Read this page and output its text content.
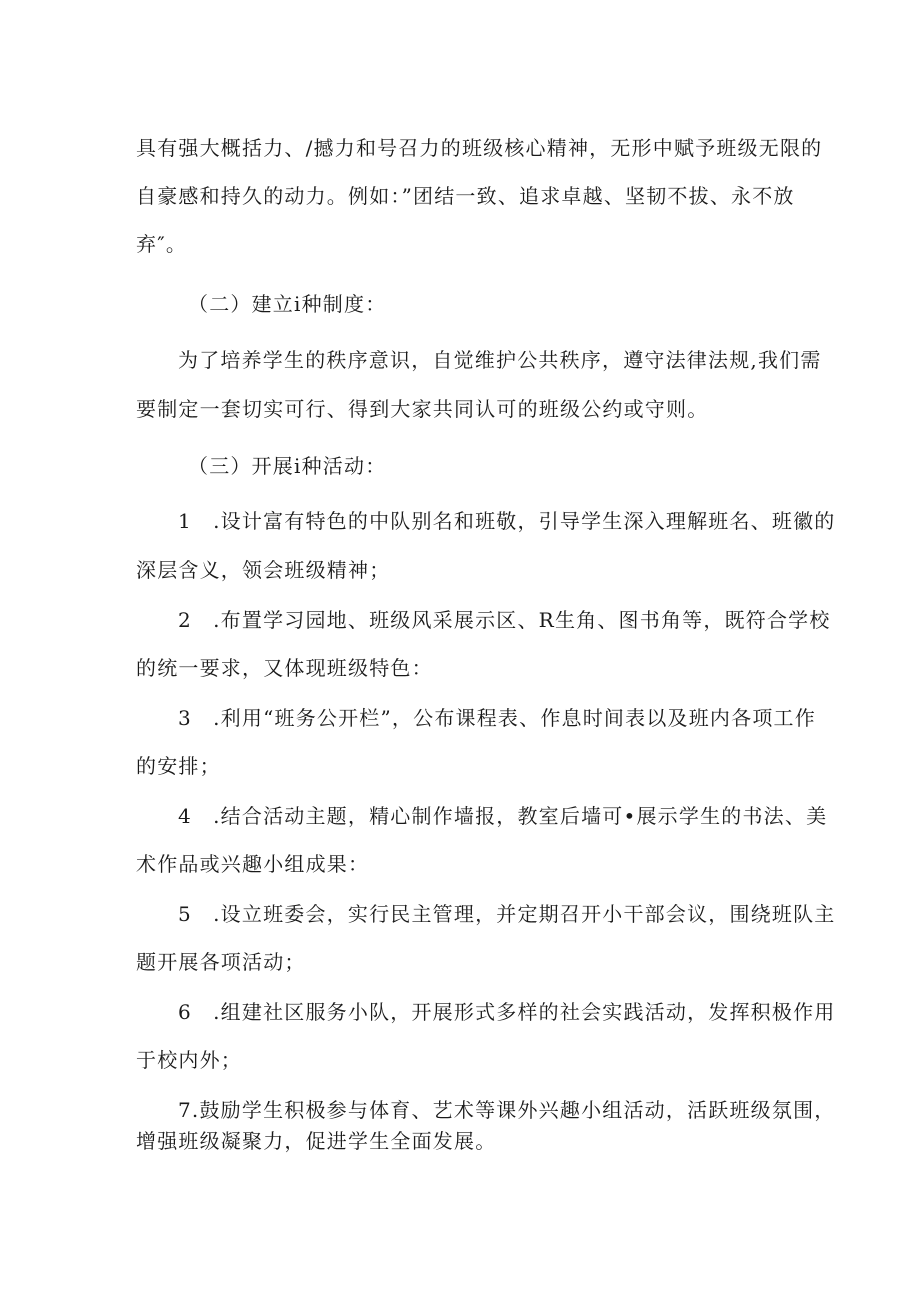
具有强大概括力、/撼力和号召力的班级核心精神，无形中赋予班级无限的
自豪感和持久的动力。例如：”团结一致、追求卓越、坚韧不拔、永不放
弃″。
（二）建立i种制度：
为了培养学生的秩序意识，自觉维护公共秩序，遵守法律法规,我们需
要制定一套切实可行、得到大家共同认可的班级公约或守则。
（三）开展i种活动：
1　.设计富有特色的中队别名和班敬，引导学生深入理解班名、班徽的
深层含义，领会班级精神；
2　.布置学习园地、班级风采展示区、R生角、图书角等，既符合学校
的统一要求，又体现班级特色：
3　.利用“班务公开栏”，公布课程表、作息时间表以及班内各项工作
的安排；
4　.结合活动主题，精心制作墙报，教室后墙可•展示学生的书法、美
术作品或兴趣小组成果：
5　.设立班委会，实行民主管理，并定期召开小干部会议，围绕班队主
题开展各项活动；
6　.组建社区服务小队，开展形式多样的社会实践活动，发挥积极作用
于校内外；
7.鼓励学生积极参与体育、艺术等课外兴趣小组活动，活跃班级氛围，
增强班级凝聚力，促进学生全面发展。
